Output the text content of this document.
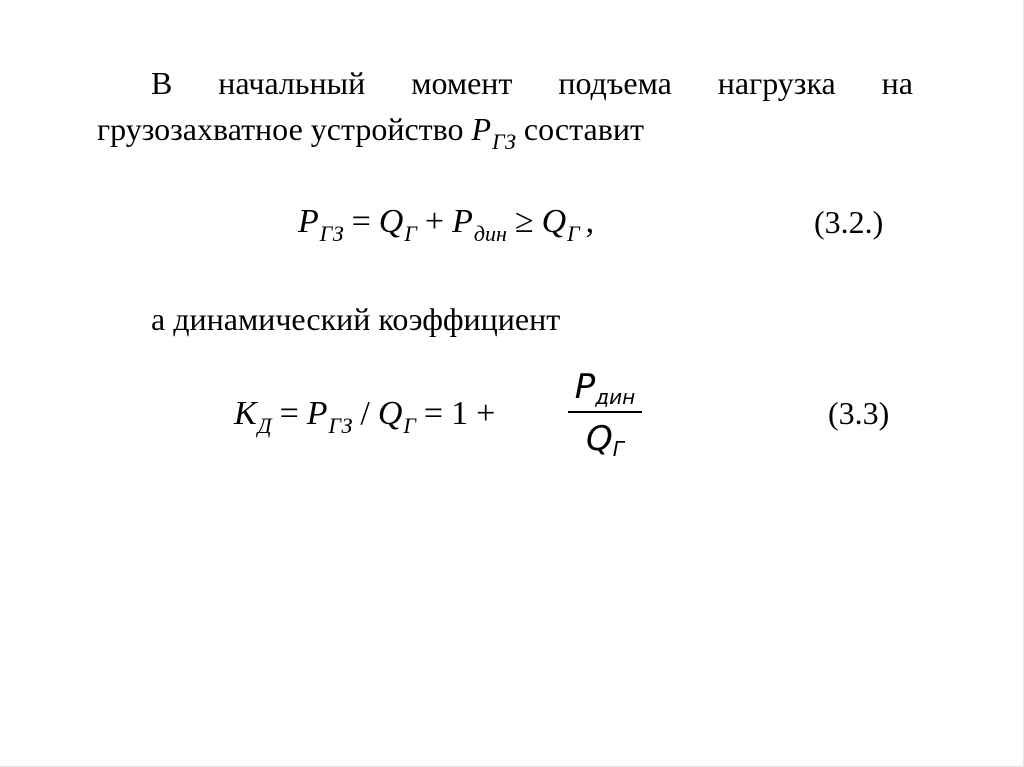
В начальный момент подъема нагрузка на
грузозахватное устройство $P_{ГЗ}$ составит
$P_{ГЗ} = Q_Г + P_{дин} \ge Q_Г$ ,	(3.2.)
а динамический коэффициент
$К_Д = P_{ГЗ} / Q_Г = 1$ +
Pдин
QГ
(3.3)
